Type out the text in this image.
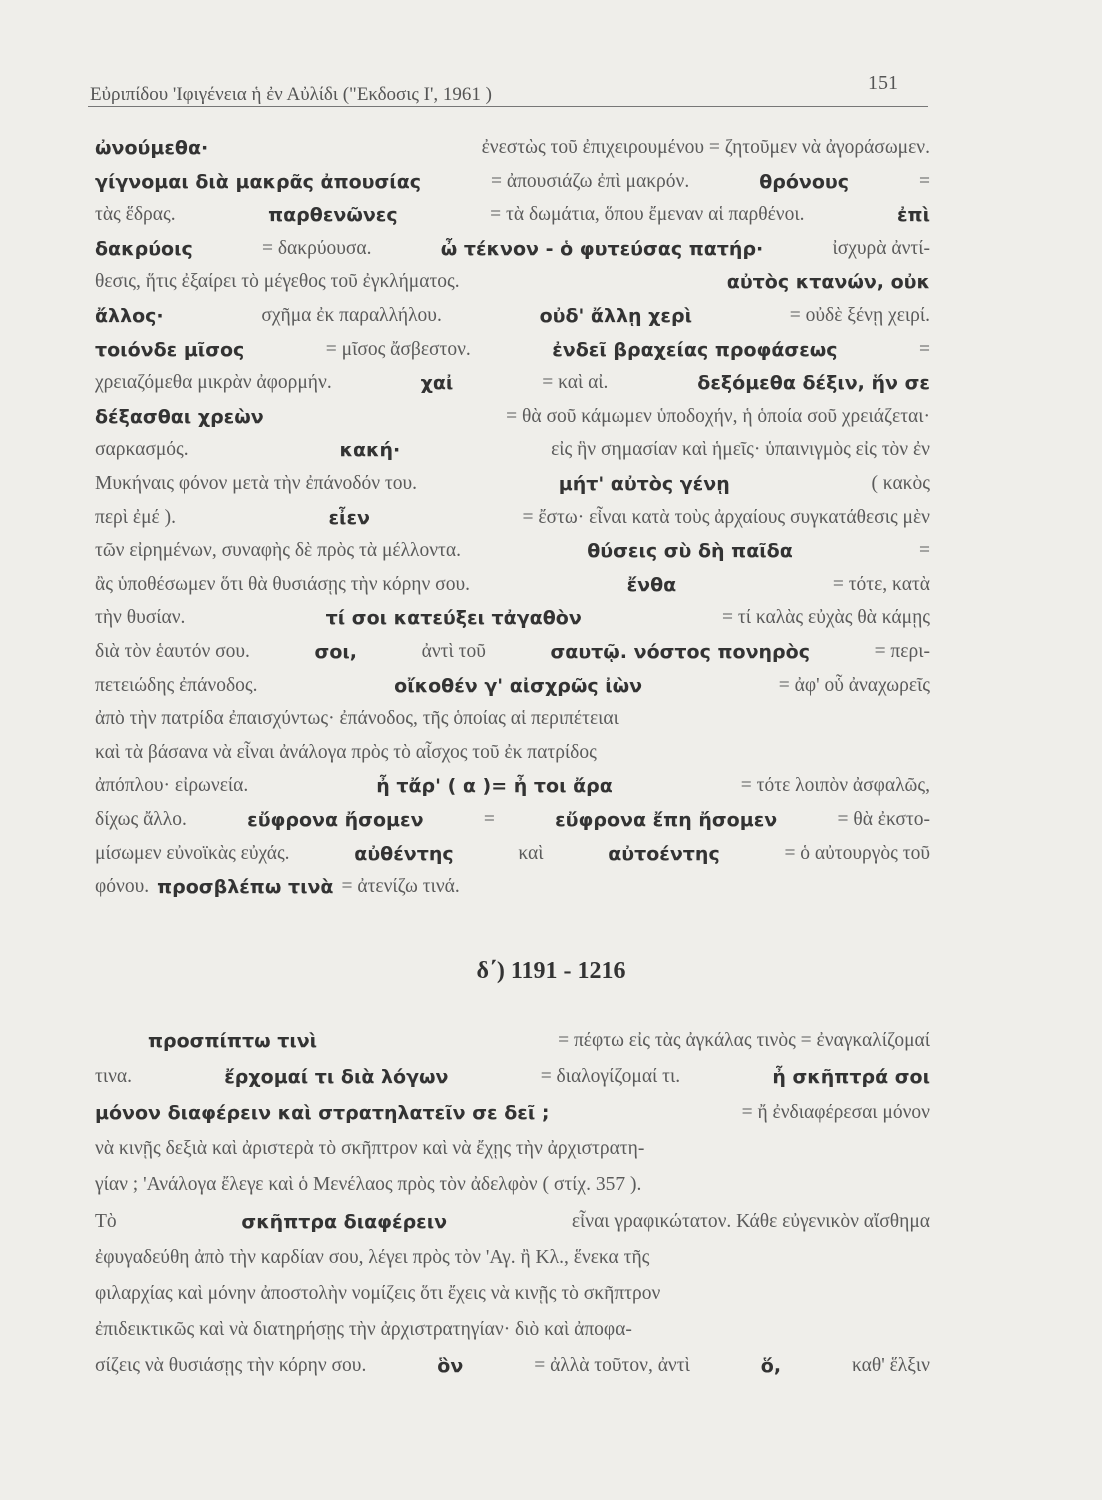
Εὐριπίδου 'Ιφιγένεια ἡ ἐν Αὐλίδι ("Εκδοσις Ι', 1961 )
151
ὠνούμεθα·	ἐνεστὼς τοῦ ἐπιχειρουμένου = ζητοῦμεν νὰ ἀγοράσωμεν.
γίγνομαι διὰ μακρᾶς ἀπουσίας	= ἀπουσιάζω ἐπὶ μακρόν.	θρόνους	=
τὰς ἕδρας.	παρθενῶνες	= τὰ δωμάτια, ὅπου ἔμεναν αἱ παρθένοι.	ἐπὶ
δακρύοις	= δακρύουσα.	ὦ τέκνον - ὁ φυτεύσας πατήρ·	ἰσχυρὰ ἀντί-
θεσις, ἥτις ἐξαίρει τὸ μέγεθος τοῦ ἐγκλήματος.	αὐτὸς κτανών, οὐκ
ἄλλος·	σχῆμα ἐκ παραλλήλου.	οὐδ' ἄλλῃ χερὶ	= οὐδὲ ξένῃ χειρί.
τοιόνδε μῖσος	= μῖσος ἄσβεστον.	ἐνδεῖ βραχείας προφάσεως	=
χρειαζόμεθα μικρὰν ἀφορμήν.	χαἰ	= καὶ αἰ.	δεξόμεθα δέξιν, ἥν σε
δέξασθαι χρεὼν	= θὰ σοῦ κάμωμεν ὑποδοχήν, ἡ ὁποία σοῦ χρειάζεται·
σαρκασμός.	κακή·	εἰς ἣν σημασίαν καὶ ἡμεῖς· ὑπαινιγμὸς εἰς τὸν ἐν
Μυκήναις φόνον μετὰ τὴν ἐπάνοδόν του.	μήτ' αὐτὸς γένῃ	( κακὸς
περὶ ἐμέ ).	εἶεν	= ἔστω· εἶναι κατὰ τοὺς ἀρχαίους συγκατάθεσις μὲν
τῶν εἰρημένων, συναφὴς δὲ πρὸς τὰ μέλλοντα.	θύσεις σὺ δὴ παῖδα	=
ἂς ὑποθέσωμεν ὅτι θὰ θυσιάσῃς τὴν κόρην σου.	ἔνθα	= τότε, κατὰ
τὴν θυσίαν.	τί σοι κατεύξει τἀγαθὸν	= τί καλὰς εὐχὰς θὰ κάμῃς
διὰ τὸν ἑαυτόν σου.	σοι,	ἀντὶ τοῦ	σαυτῷ. νόστος πονηρὸς	= περι-
πετειώδης ἐπάνοδος.	οἴκοθέν γ' αἰσχρῶς ἰὼν	= ἀφ' οὗ ἀναχωρεῖς
ἀπὸ τὴν πατρίδα ἐπαισχύντως· ἐπάνοδος, τῆς ὁποίας αἱ περιπέτειαι
καὶ τὰ βάσανα νὰ εἶναι ἀνάλογα πρὸς τὸ αἶσχος τοῦ ἐκ πατρίδος
ἀπόπλου· εἰρωνεία.	ἦ τἄρ' ( α )= ἦ τοι ἄρα	= τότε λοιπὸν ἀσφαλῶς,
δίχως ἄλλο.	εὔφρονα ἤσομεν	=	εὔφρονα ἔπη ἤσομεν	= θὰ ἐκστο-
μίσωμεν εὐνοϊκὰς εὐχάς.	αὐθέντης	καὶ	αὐτοέντης	= ὁ αὐτουργὸς τοῦ
φόνου. προσβλέπω τινὰ = ἀτενίζω τινά.
δ΄) 1191 - 1216
προσπίπτω τινὶ	= πέφτω εἰς τὰς ἀγκάλας τινὸς = ἐναγκαλίζομαί
τινα.	ἔρχομαί τι διὰ λόγων	= διαλογίζομαί τι.	ἦ σκῆπτρά σοι
μόνον διαφέρειν καὶ στρατηλατεῖν σε δεῖ ;	= ἤ ἐνδιαφέρεσαι μόνον
νὰ κινῇς δεξιὰ καὶ ἀριστερὰ τὸ σκῆπτρον καὶ νὰ ἔχῃς τὴν ἀρχιστρατη-
γίαν ; 'Ανάλογα ἔλεγε καὶ ὁ Μενέλαος πρὸς τὸν ἀδελφὸν ( στίχ. 357 ).
Τὸ	σκῆπτρα διαφέρειν	εἶναι γραφικώτατον. Κάθε εὐγενικὸν αἴσθημα
ἐφυγαδεύθη ἀπὸ τὴν καρδίαν σου, λέγει πρὸς τὸν 'Αγ. ἢ Κλ., ἕνεκα τῆς
φιλαρχίας καὶ μόνην ἀποστολὴν νομίζεις ὅτι ἔχεις νὰ κινῇς τὸ σκῆπτρον
ἐπιδεικτικῶς καὶ νὰ διατηρήσῃς τὴν ἀρχιστρατηγίαν· διὸ καὶ ἀποφα-
σίζεις νὰ θυσιάσῃς τὴν κόρην σου.	ὃν	= ἀλλὰ τοῦτον, ἀντὶ	ὅ,	καθ' ἕλξιν
